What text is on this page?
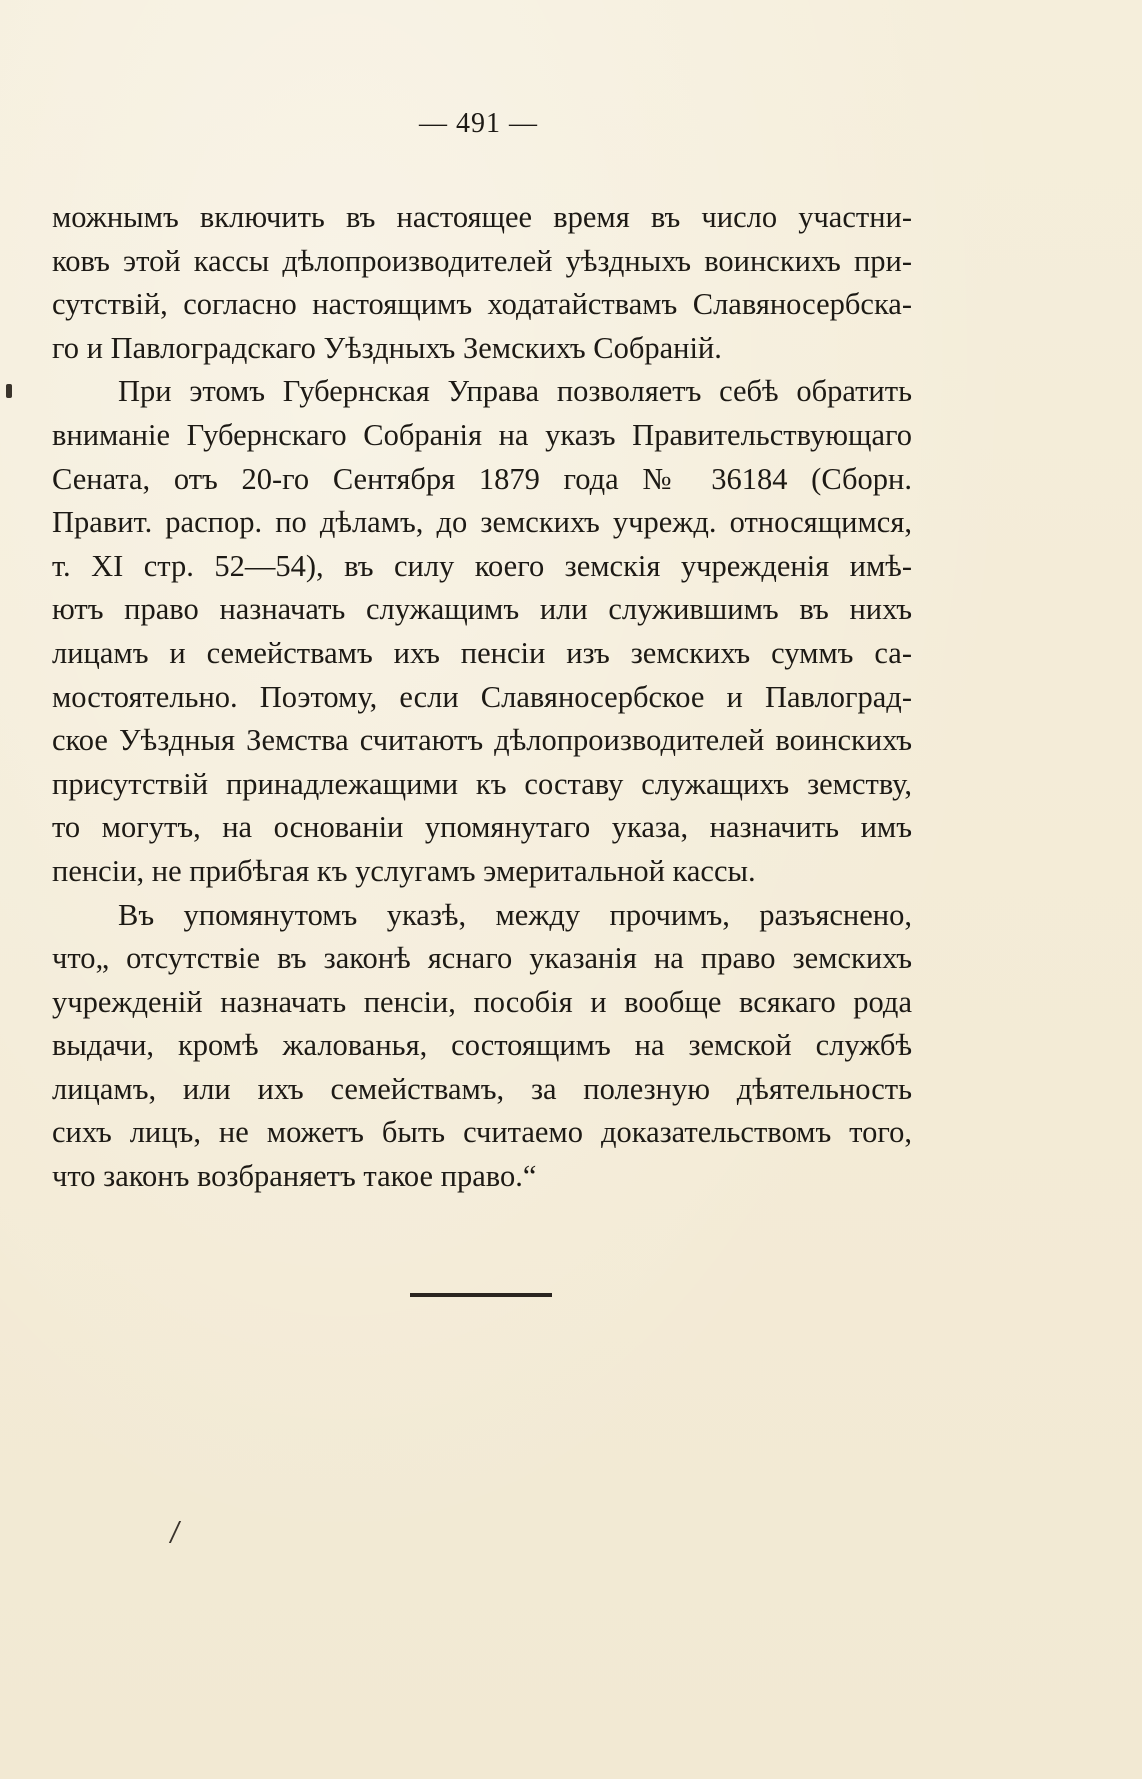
— 491 —

можнымъ включить въ настоящее время въ число участни-
ковъ этой кассы дѣлопроизводителей уѣздныхъ воинскихъ при-
сутствій, согласно настоящимъ ходатайствамъ Славяносербска-
го и Павлоградскаго Уѣздныхъ Земскихъ Собраній.

При этомъ Губернская Управа позволяетъ себѣ обратить
вниманіе Губернскаго Собранія на указъ Правительствующаго
Сената, отъ 20-го Сентября 1879 года № 36184 (Сборн.
Правит. распор. по дѣламъ, до земскихъ учрежд. относящимся,
т. XI стр. 52—54), въ силу коего земскія учрежденія имѣ-
ютъ право назначать служащимъ или служившимъ въ нихъ
лицамъ и семействамъ ихъ пенсіи изъ земскихъ суммъ са-
мостоятельно. Поэтому, если Славяносербское и Павлоград-
ское Уѣздныя Земства считаютъ дѣлопроизводителей воинскихъ
присутствій принадлежащими къ составу служащихъ земству,
то могутъ, на основаніи упомянутаго указа, назначить имъ
пенсіи, не прибѣгая къ услугамъ эмеритальной кассы.

Въ упомянутомъ указѣ, между прочимъ, разъяснено,
что„ отсутствіе въ законѣ яснаго указанія на право земскихъ
учрежденій назначать пенсіи, пособія и вообще всякаго рода
выдачи, кромѣ жалованья, состоящимъ на земской службѣ
лицамъ, или ихъ семействамъ, за полезную дѣятельность
сихъ лицъ, не можетъ быть считаемо доказательствомъ того,
что законъ возбраняетъ такое право.“
